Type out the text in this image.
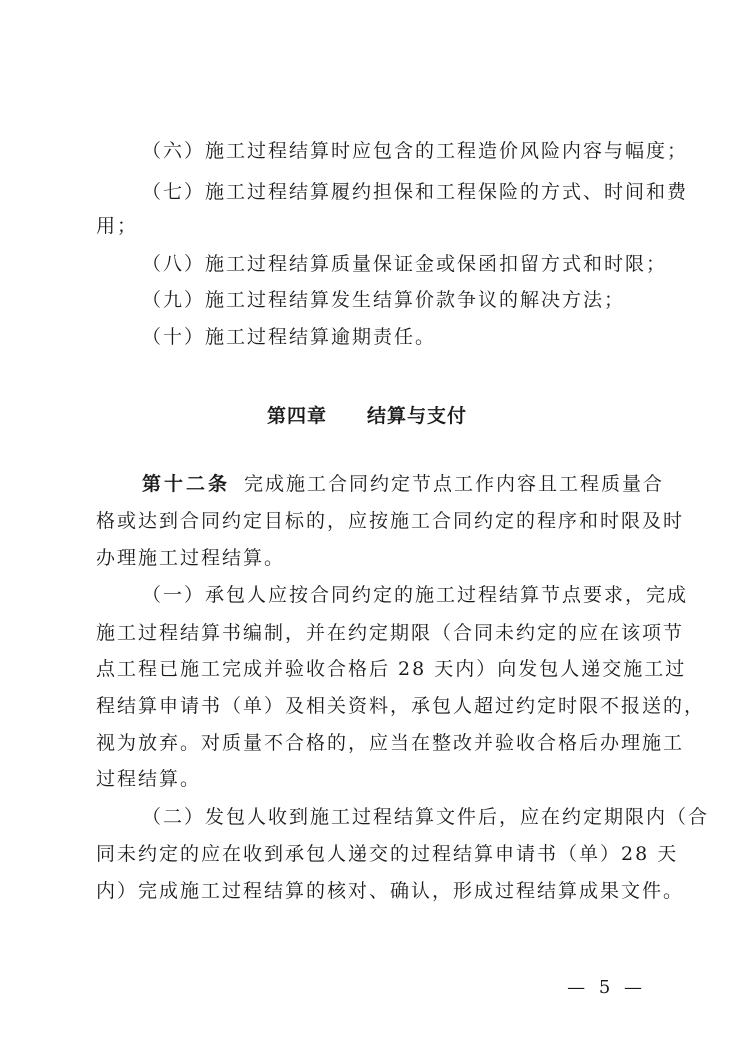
（六）施工过程结算时应包含的工程造价风险内容与幅度；
（七）施工过程结算履约担保和工程保险的方式、时间和费
用；
（八）施工过程结算质量保证金或保函扣留方式和时限；
（九）施工过程结算发生结算价款争议的解决方法；
（十）施工过程结算逾期责任。
第四章　　结算与支付
第十二条 完成施工合同约定节点工作内容且工程质量合
格或达到合同约定目标的，应按施工合同约定的程序和时限及时
办理施工过程结算。
（一）承包人应按合同约定的施工过程结算节点要求，完成
施工过程结算书编制，并在约定期限（合同未约定的应在该项节
点工程已施工完成并验收合格后 28 天内）向发包人递交施工过
程结算申请书（单）及相关资料，承包人超过约定时限不报送的，
视为放弃。对质量不合格的，应当在整改并验收合格后办理施工
过程结算。
（二）发包人收到施工过程结算文件后，应在约定期限内（合
同未约定的应在收到承包人递交的过程结算申请书（单）28 天
内）完成施工过程结算的核对、确认，形成过程结算成果文件。
— 5 —
